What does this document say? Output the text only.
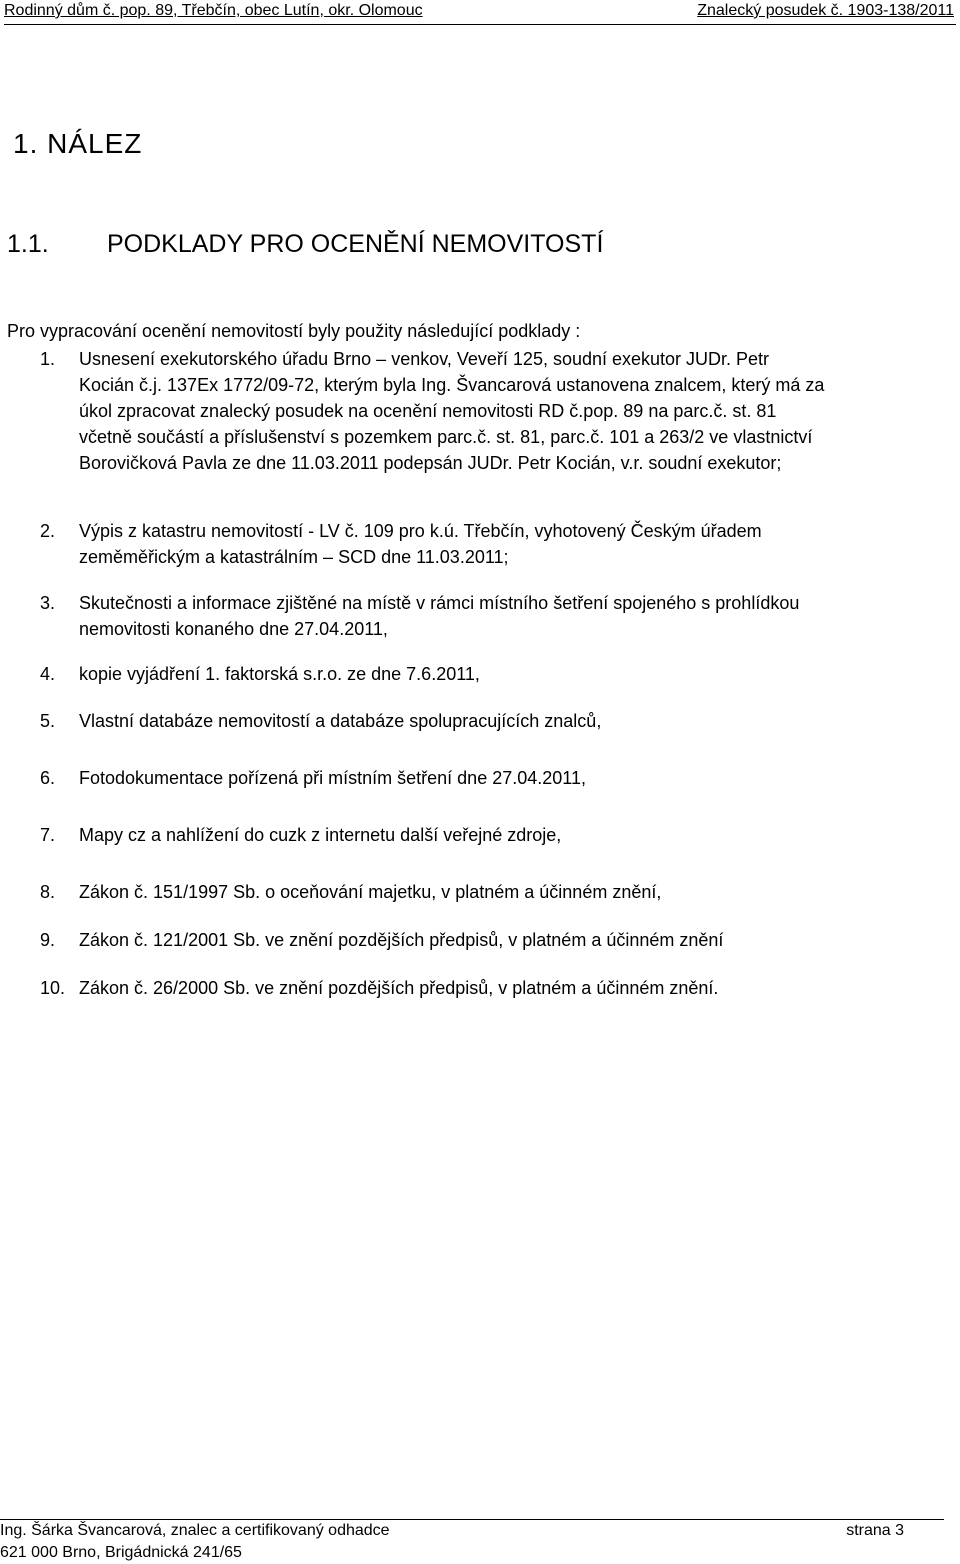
Rodinný dům č. pop. 89, Třebčín, obec Lutín, okr. Olomouc	Znalecký posudek č. 1903-138/2011
1. NÁLEZ
1.1. PODKLADY PRO OCENĚNÍ NEMOVITOSTÍ
Pro vypracování ocenění nemovitostí byly použity následující podklady :
1. Usnesení exekutorského úřadu Brno – venkov, Veveří 125, soudní exekutor JUDr. Petr
Kocián č.j. 137Ex 1772/09-72, kterým byla Ing. Švancarová ustanovena znalcem, který má za
úkol zpracovat znalecký posudek na ocenění nemovitosti RD č.pop. 89 na parc.č. st. 81
včetně součástí a příslušenství s pozemkem parc.č. st. 81, parc.č. 101 a 263/2 ve vlastnictví
Borovičková Pavla ze dne 11.03.2011 podepsán JUDr. Petr Kocián, v.r. soudní exekutor;
2. Výpis z katastru nemovitostí - LV č. 109 pro k.ú. Třebčín, vyhotovený Českým úřadem
zeměměřickým a katastrálním – SCD dne 11.03.2011;
3. Skutečnosti a informace zjištěné na místě v rámci místního šetření spojeného s prohlídkou
nemovitosti konaného dne 27.04.2011,
4. kopie vyjádření 1. faktorská s.r.o. ze dne 7.6.2011,
5. Vlastní databáze nemovitostí a databáze spolupracujících znalců,
6. Fotodokumentace pořízená při místním šetření dne 27.04.2011,
7. Mapy cz a nahlížení do cuzk z internetu další veřejné zdroje,
8. Zákon č. 151/1997 Sb. o oceňování majetku, v platném a účinném znění,
9. Zákon č. 121/2001 Sb. ve znění pozdějších předpisů, v platném a účinném znění
10. Zákon č. 26/2000 Sb. ve znění pozdějších předpisů, v platném a účinném znění.
Ing. Šárka Švancarová, znalec a certifikovaný odhadce
621 000 Brno, Brigádnická 241/65
strana 3
